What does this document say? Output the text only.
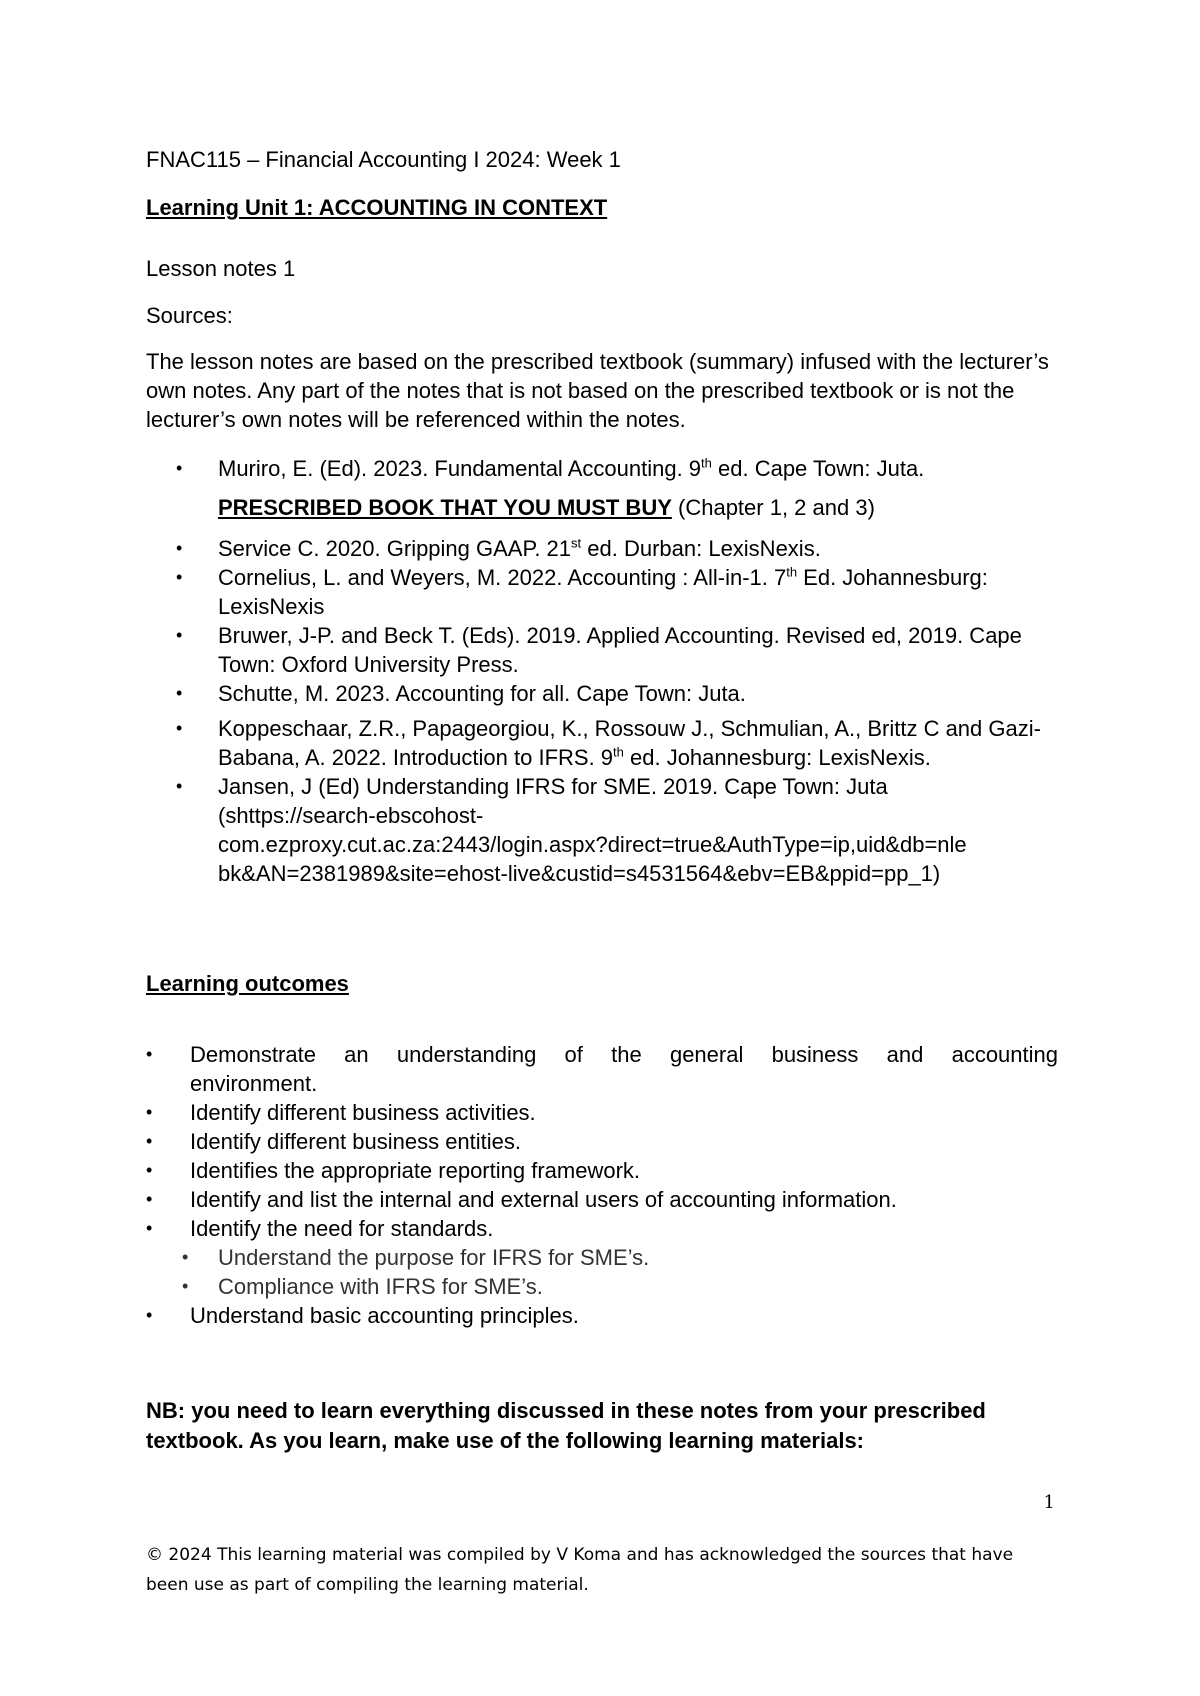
FNAC115 – Financial Accounting I 2024: Week 1

Learning Unit 1: ACCOUNTING IN CONTEXT

Lesson notes 1

Sources:

The lesson notes are based on the prescribed textbook (summary) infused with the lecturer’s own notes. Any part of the notes that is not based on the prescribed textbook or is not the lecturer’s own notes will be referenced within the notes.

• Muriro, E. (Ed). 2023. Fundamental Accounting. 9th ed. Cape Town: Juta.
PRESCRIBED BOOK THAT YOU MUST BUY (Chapter 1, 2 and 3)
• Service C. 2020. Gripping GAAP. 21st ed. Durban: LexisNexis.
• Cornelius, L. and Weyers, M. 2022. Accounting : All-in-1. 7th Ed. Johannesburg: LexisNexis
• Bruwer, J-P. and Beck T. (Eds). 2019. Applied Accounting. Revised ed, 2019. Cape Town: Oxford University Press.
• Schutte, M. 2023. Accounting for all. Cape Town: Juta.
• Koppeschaar, Z.R., Papageorgiou, K., Rossouw J., Schmulian, A., Brittz C and Gazi-Babana, A. 2022. Introduction to IFRS. 9th ed. Johannesburg: LexisNexis.
• Jansen, J (Ed) Understanding IFRS for SME. 2019. Cape Town: Juta
(shttps://search-ebscohost-
com.ezproxy.cut.ac.za:2443/login.aspx?direct=true&AuthType=ip,uid&db=nle
bk&AN=2381989&site=ehost-live&custid=s4531564&ebv=EB&ppid=pp_1)

Learning outcomes

• Demonstrate an understanding of the general business and accounting
environment.
• Identify different business activities.
• Identify different business entities.
• Identifies the appropriate reporting framework.
• Identify and list the internal and external users of accounting information.
• Identify the need for standards.
• Understand the purpose for IFRS for SME’s.
• Compliance with IFRS for SME’s.
• Understand basic accounting principles.

NB: you need to learn everything discussed in these notes from your prescribed textbook. As you learn, make use of the following learning materials:

1
© 2024 This learning material was compiled by V Koma and has acknowledged the sources that have been use as part of compiling the learning material.
